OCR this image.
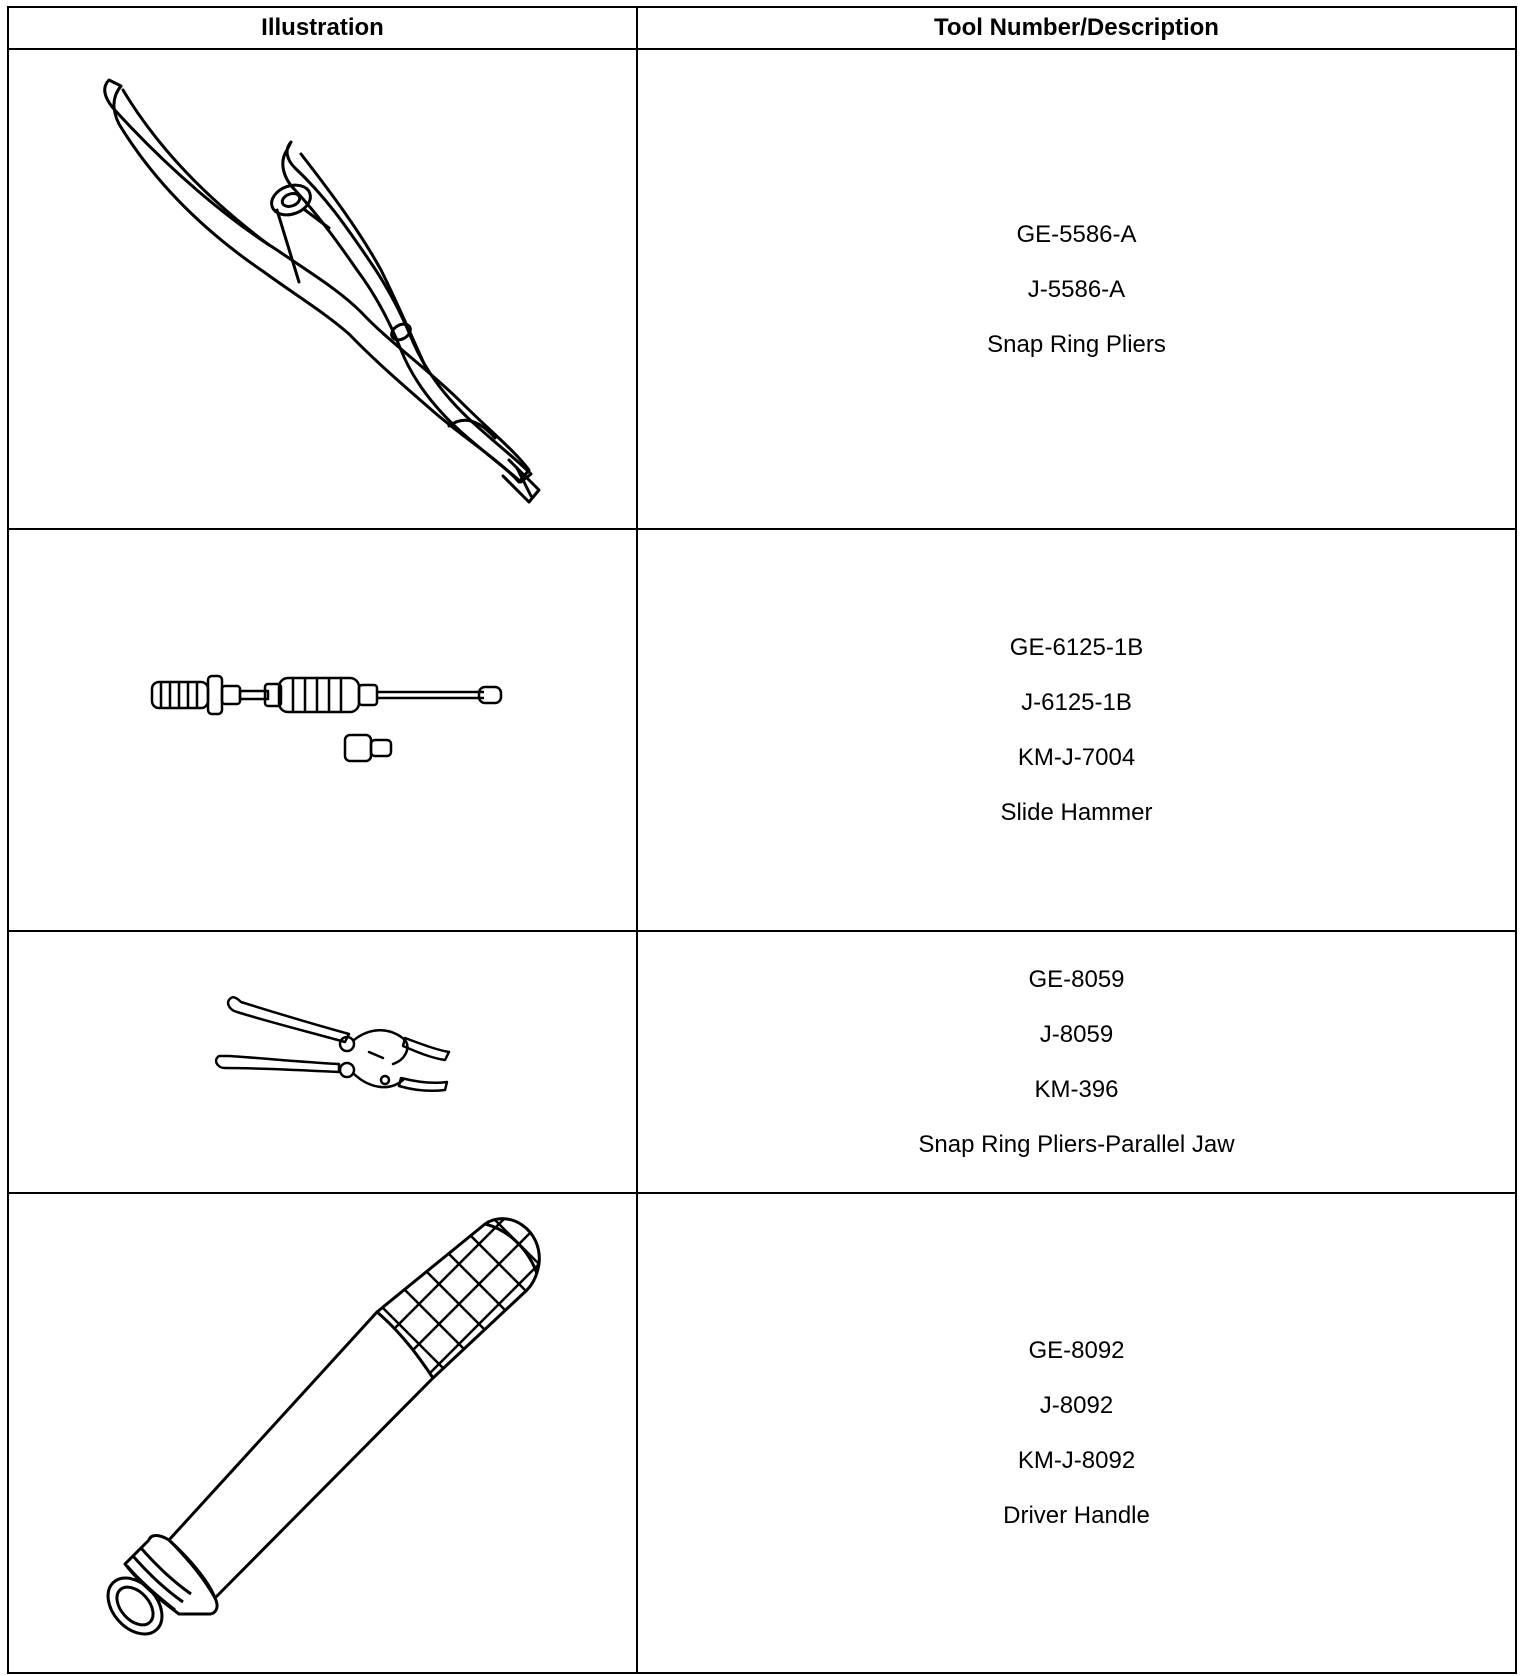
Illustration	Tool Number/Description

GE-5586-A
J-5586-A
Snap Ring Pliers

GE-6125-1B
J-6125-1B
KM-J-7004
Slide Hammer

GE-8059
J-8059
KM-396
Snap Ring Pliers-Parallel Jaw

GE-8092
J-8092
KM-J-8092
Driver Handle
